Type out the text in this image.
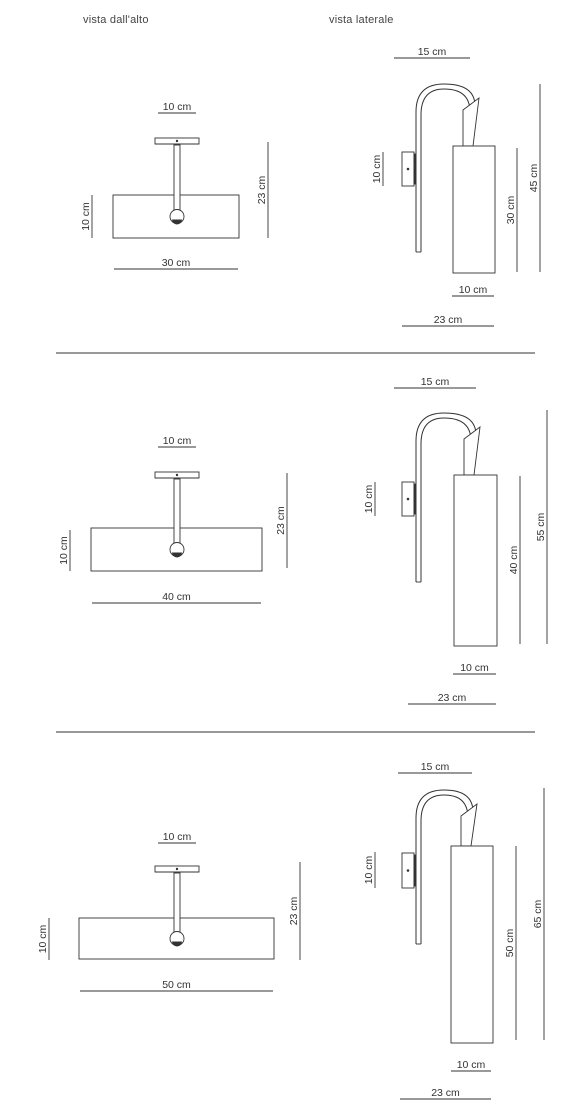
vista dall'alto	vista laterale
10 cm
23 cm
10 cm
30 cm
15 cm
10 cm
30 cm
45 cm
10 cm
23 cm
10 cm
23 cm
10 cm
40 cm
15 cm
10 cm
40 cm
55 cm
10 cm
23 cm
10 cm
23 cm
10 cm
50 cm
15 cm
10 cm
50 cm
65 cm
10 cm
23 cm
